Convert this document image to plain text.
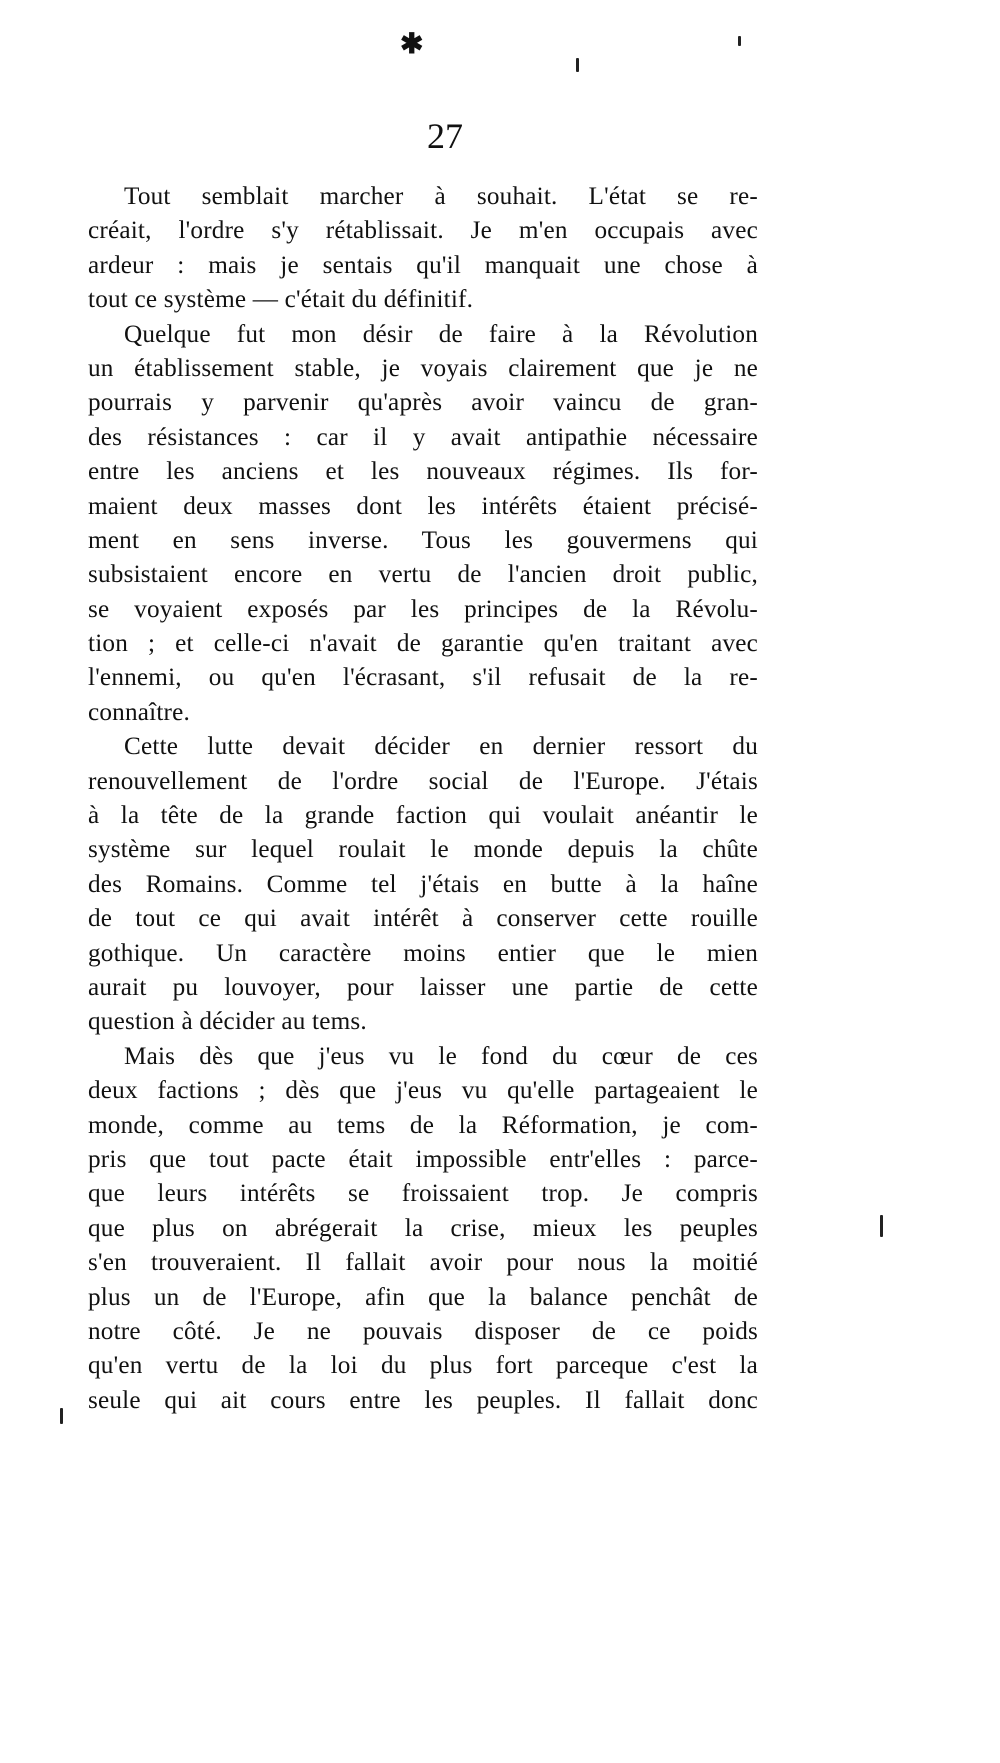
✱
27
Tout semblait marcher à souhait. L'état se re-
créait, l'ordre s'y rétablissait. Je m'en occupais avec
ardeur : mais je sentais qu'il manquait une chose à
tout ce système — c'était du définitif.
Quelque fut mon désir de faire à la Révolution
un établissement stable, je voyais clairement que je ne
pourrais y parvenir qu'après avoir vaincu de gran-
des résistances : car il y avait antipathie nécessaire
entre les anciens et les nouveaux régimes. Ils for-
maient deux masses dont les intérêts étaient précisé-
ment en sens inverse. Tous les gouvermens qui
subsistaient encore en vertu de l'ancien droit public,
se voyaient exposés par les principes de la Révolu-
tion ; et celle-ci n'avait de garantie qu'en traitant avec
l'ennemi, ou qu'en l'écrasant, s'il refusait de la re-
connaître.
Cette lutte devait décider en dernier ressort du
renouvellement de l'ordre social de l'Europe. J'étais
à la tête de la grande faction qui voulait anéantir le
système sur lequel roulait le monde depuis la chûte
des Romains. Comme tel j'étais en butte à la haîne
de tout ce qui avait intérêt à conserver cette rouille
gothique. Un caractère moins entier que le mien
aurait pu louvoyer, pour laisser une partie de cette
question à décider au tems.
Mais dès que j'eus vu le fond du cœur de ces
deux factions ; dès que j'eus vu qu'elle partageaient le
monde, comme au tems de la Réformation, je com-
pris que tout pacte était impossible entr'elles : parce-
que leurs intérêts se froissaient trop. Je compris
que plus on abrégerait la crise, mieux les peuples
s'en trouveraient. Il fallait avoir pour nous la moitié
plus un de l'Europe, afin que la balance penchât de
notre côté. Je ne pouvais disposer de ce poids
qu'en vertu de la loi du plus fort parceque c'est la
seule qui ait cours entre les peuples. Il fallait donc
